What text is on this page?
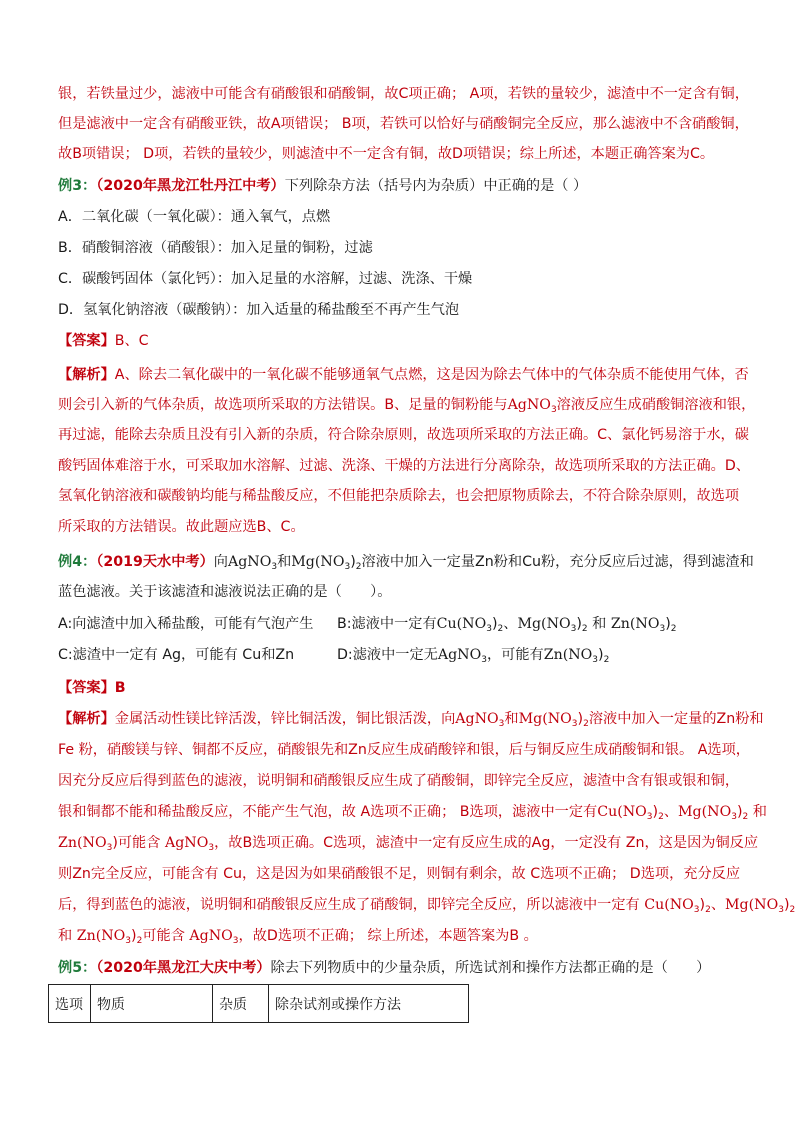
银，若铁量过少，滤液中可能含有硝酸银和硝酸铜，故C项正确； A项，若铁的量较少，滤渣中不一定含有铜，
但是滤液中一定含有硝酸亚铁，故A项错误； B项，若铁可以恰好与硝酸铜完全反应，那么滤液中不含硝酸铜，
故B项错误； D项，若铁的量较少，则滤渣中不一定含有铜，故D项错误；综上所述，本题正确答案为C。
例3：（2020年黑龙江牡丹江中考）下列除杂方法（括号内为杂质）中正确的是（ ）
A．二氧化碳（一氧化碳）：通入氧气，点燃
B．硝酸铜溶液（硝酸银）：加入足量的铜粉，过滤
C．碳酸钙固体（氯化钙）：加入足量的水溶解，过滤、洗涤、干燥
D．氢氧化钠溶液（碳酸钠）：加入适量的稀盐酸至不再产生气泡
【答案】B、C
【解析】A、除去二氧化碳中的一氧化碳不能够通氧气点燃，这是因为除去气体中的气体杂质不能使用气体，否
则会引入新的气体杂质，故选项所采取的方法错误。B、足量的铜粉能与AgNO$_3$溶液反应生成硝酸铜溶液和银，
再过滤，能除去杂质且没有引入新的杂质，符合除杂原则，故选项所采取的方法正确。C、氯化钙易溶于水，碳
酸钙固体难溶于水，可采取加水溶解、过滤、洗涤、干燥的方法进行分离除杂，故选项所采取的方法正确。D、
氢氧化钠溶液和碳酸钠均能与稀盐酸反应，不但能把杂质除去，也会把原物质除去，不符合除杂原则，故选项
所采取的方法错误。故此题应选B、C。
例4：（2019天水中考）向AgNO$_3$和$Mg(NO_3)_2$溶液中加入一定量Zn粉和Cu粉，充分反应后过滤，得到滤渣和
蓝色滤液。关于该滤渣和滤液说法正确的是（　　）。
A:向滤渣中加入稀盐酸，可能有气泡产生 B:滤液中一定有$Cu(NO_3)_2$、$Mg(NO_3)_2$ 和 $Zn(NO_3)_2$
C:滤渣中一定有 Ag，可能有 Cu和Zn	D:滤液中一定无AgNO$_3$，可能有$Zn(NO_3)_2$
【答案】B
【解析】金属活动性镁比锌活泼，锌比铜活泼，铜比银活泼，向AgNO$_3$和$Mg(NO_3)_2$溶液中加入一定量的Zn粉和
Fe 粉，硝酸镁与锌、铜都不反应，硝酸银先和Zn反应生成硝酸锌和银，后与铜反应生成硝酸铜和银。 A选项，
因充分反应后得到蓝色的滤液，说明铜和硝酸银反应生成了硝酸铜，即锌完全反应，滤渣中含有银或银和铜，
银和铜都不能和稀盐酸反应，不能产生气泡，故 A选项不正确； B选项，滤液中一定有$Cu(NO_3)_2$、$Mg(NO_3)_2$ 和
$Zn(NO_3)$可能含 AgNO$_3$，故B选项正确。C选项，滤渣中一定有反应生成的Ag，一定没有 Zn，这是因为铜反应
则Zn完全反应，可能含有 Cu，这是因为如果硝酸银不足，则铜有剩余，故 C选项不正确； D选项，充分反应
后，得到蓝色的滤液，说明铜和硝酸银反应生成了硝酸铜，即锌完全反应，所以滤液中一定有 $Cu(NO_3)_2$、$Mg(NO_3)_2$
和 $Zn(NO_3)_2$可能含 AgNO$_3$，故D选项不正确； 综上所述，本题答案为B 。
例5：（2020年黑龙江大庆中考）除去下列物质中的少量杂质，所选试剂和操作方法都正确的是（　　）
选项	物质	杂质	除杂试剂或操作方法
